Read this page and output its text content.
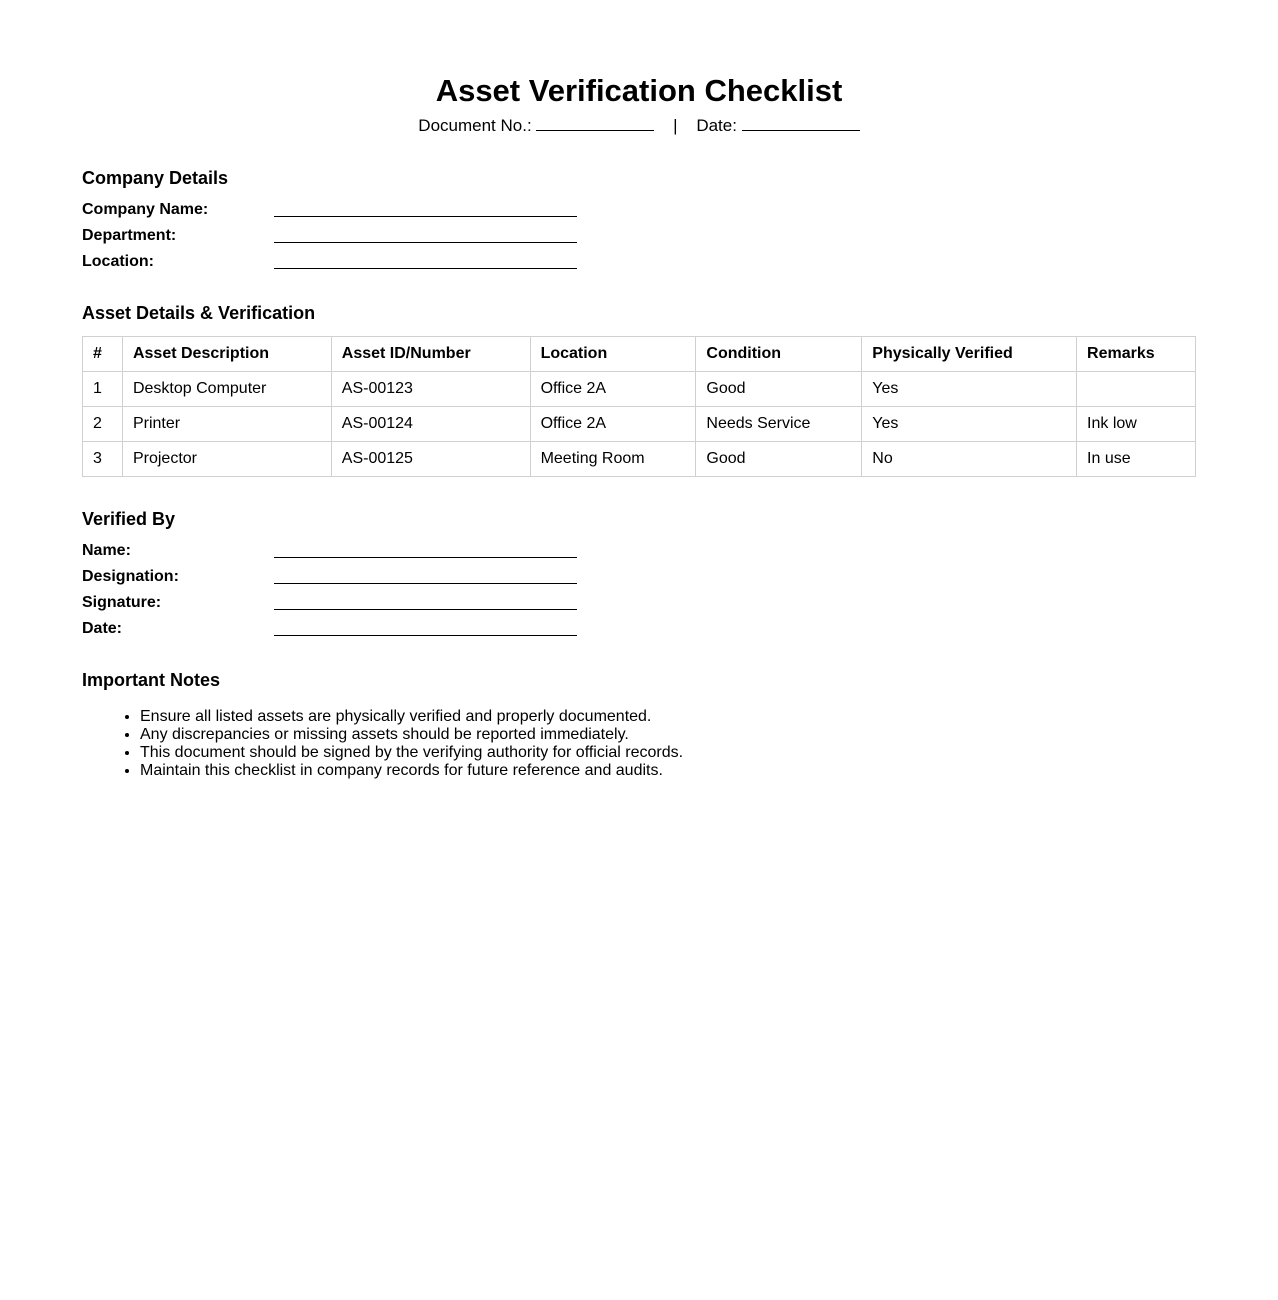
Asset Verification Checklist
Document No.:	| Date:
Company Details
Company Name:
Department:
Location:
Asset Details & Verification
#	Asset Description	Asset ID/Number	Location	Condition	Physically Verified	Remarks
1	Desktop Computer	AS-00123	Office 2A	Good	Yes	
2	Printer	AS-00124	Office 2A	Needs Service	Yes	Ink low
3	Projector	AS-00125	Meeting Room	Good	No	In use
Verified By
Name:
Designation:
Signature:
Date:
Important Notes
• Ensure all listed assets are physically verified and properly documented.
• Any discrepancies or missing assets should be reported immediately.
• This document should be signed by the verifying authority for official records.
• Maintain this checklist in company records for future reference and audits.
